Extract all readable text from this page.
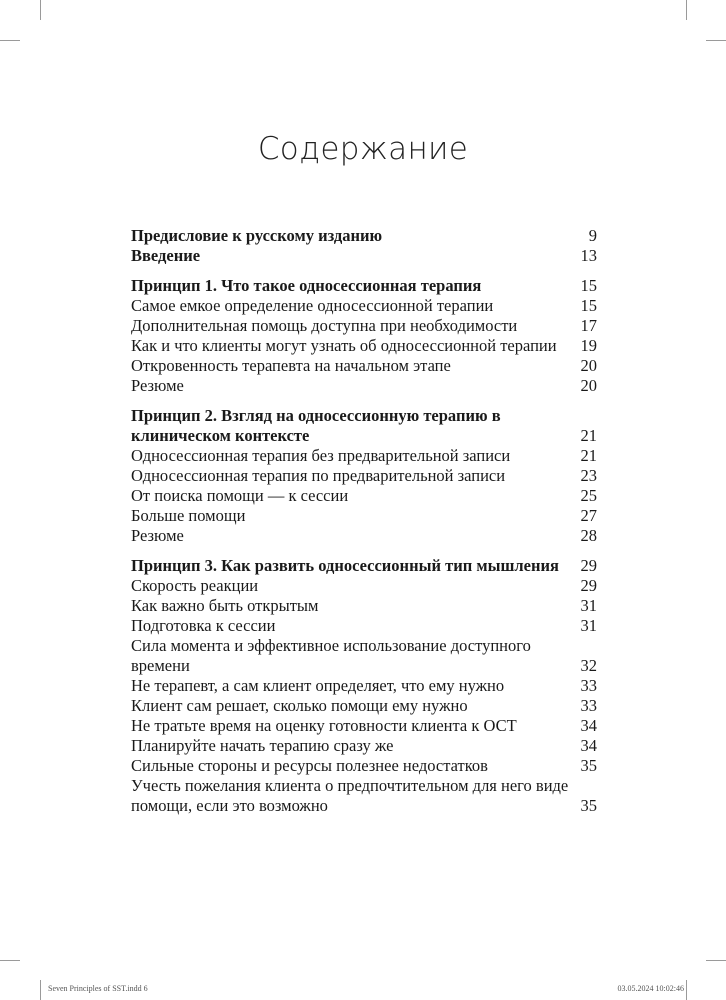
Содержание
Предисловие к русскому изданию	9
Введение	13
Принцип 1. Что такое односессионная терапия	15
Самое емкое определение односессионной терапии	15
Дополнительная помощь доступна при необходимости	17
Как и что клиенты могут узнать об односессионной терапии	19
Откровенность терапевта на начальном этапе	20
Резюме	20
Принцип 2. Взгляд на односессионную терапию в клиническом контексте	21
Односессионная терапия без предварительной записи	21
Односессионная терапия по предварительной записи	23
От поиска помощи — к сессии	25
Больше помощи	27
Резюме	28
Принцип 3. Как развить односессионный тип мышления	29
Скорость реакции	29
Как важно быть открытым	31
Подготовка к сессии	31
Сила момента и эффективное использование доступного времени	32
Не терапевт, а сам клиент определяет, что ему нужно	33
Клиент сам решает, сколько помощи ему нужно	33
Не тратьте время на оценку готовности клиента к ОСТ	34
Планируйте начать терапию сразу же	34
Сильные стороны и ресурсы полезнее недостатков	35
Учесть пожелания клиента о предпочтительном для него виде помощи, если это возможно	35
Seven Principles of SST.indd 6	03.05.2024 10:02:46
